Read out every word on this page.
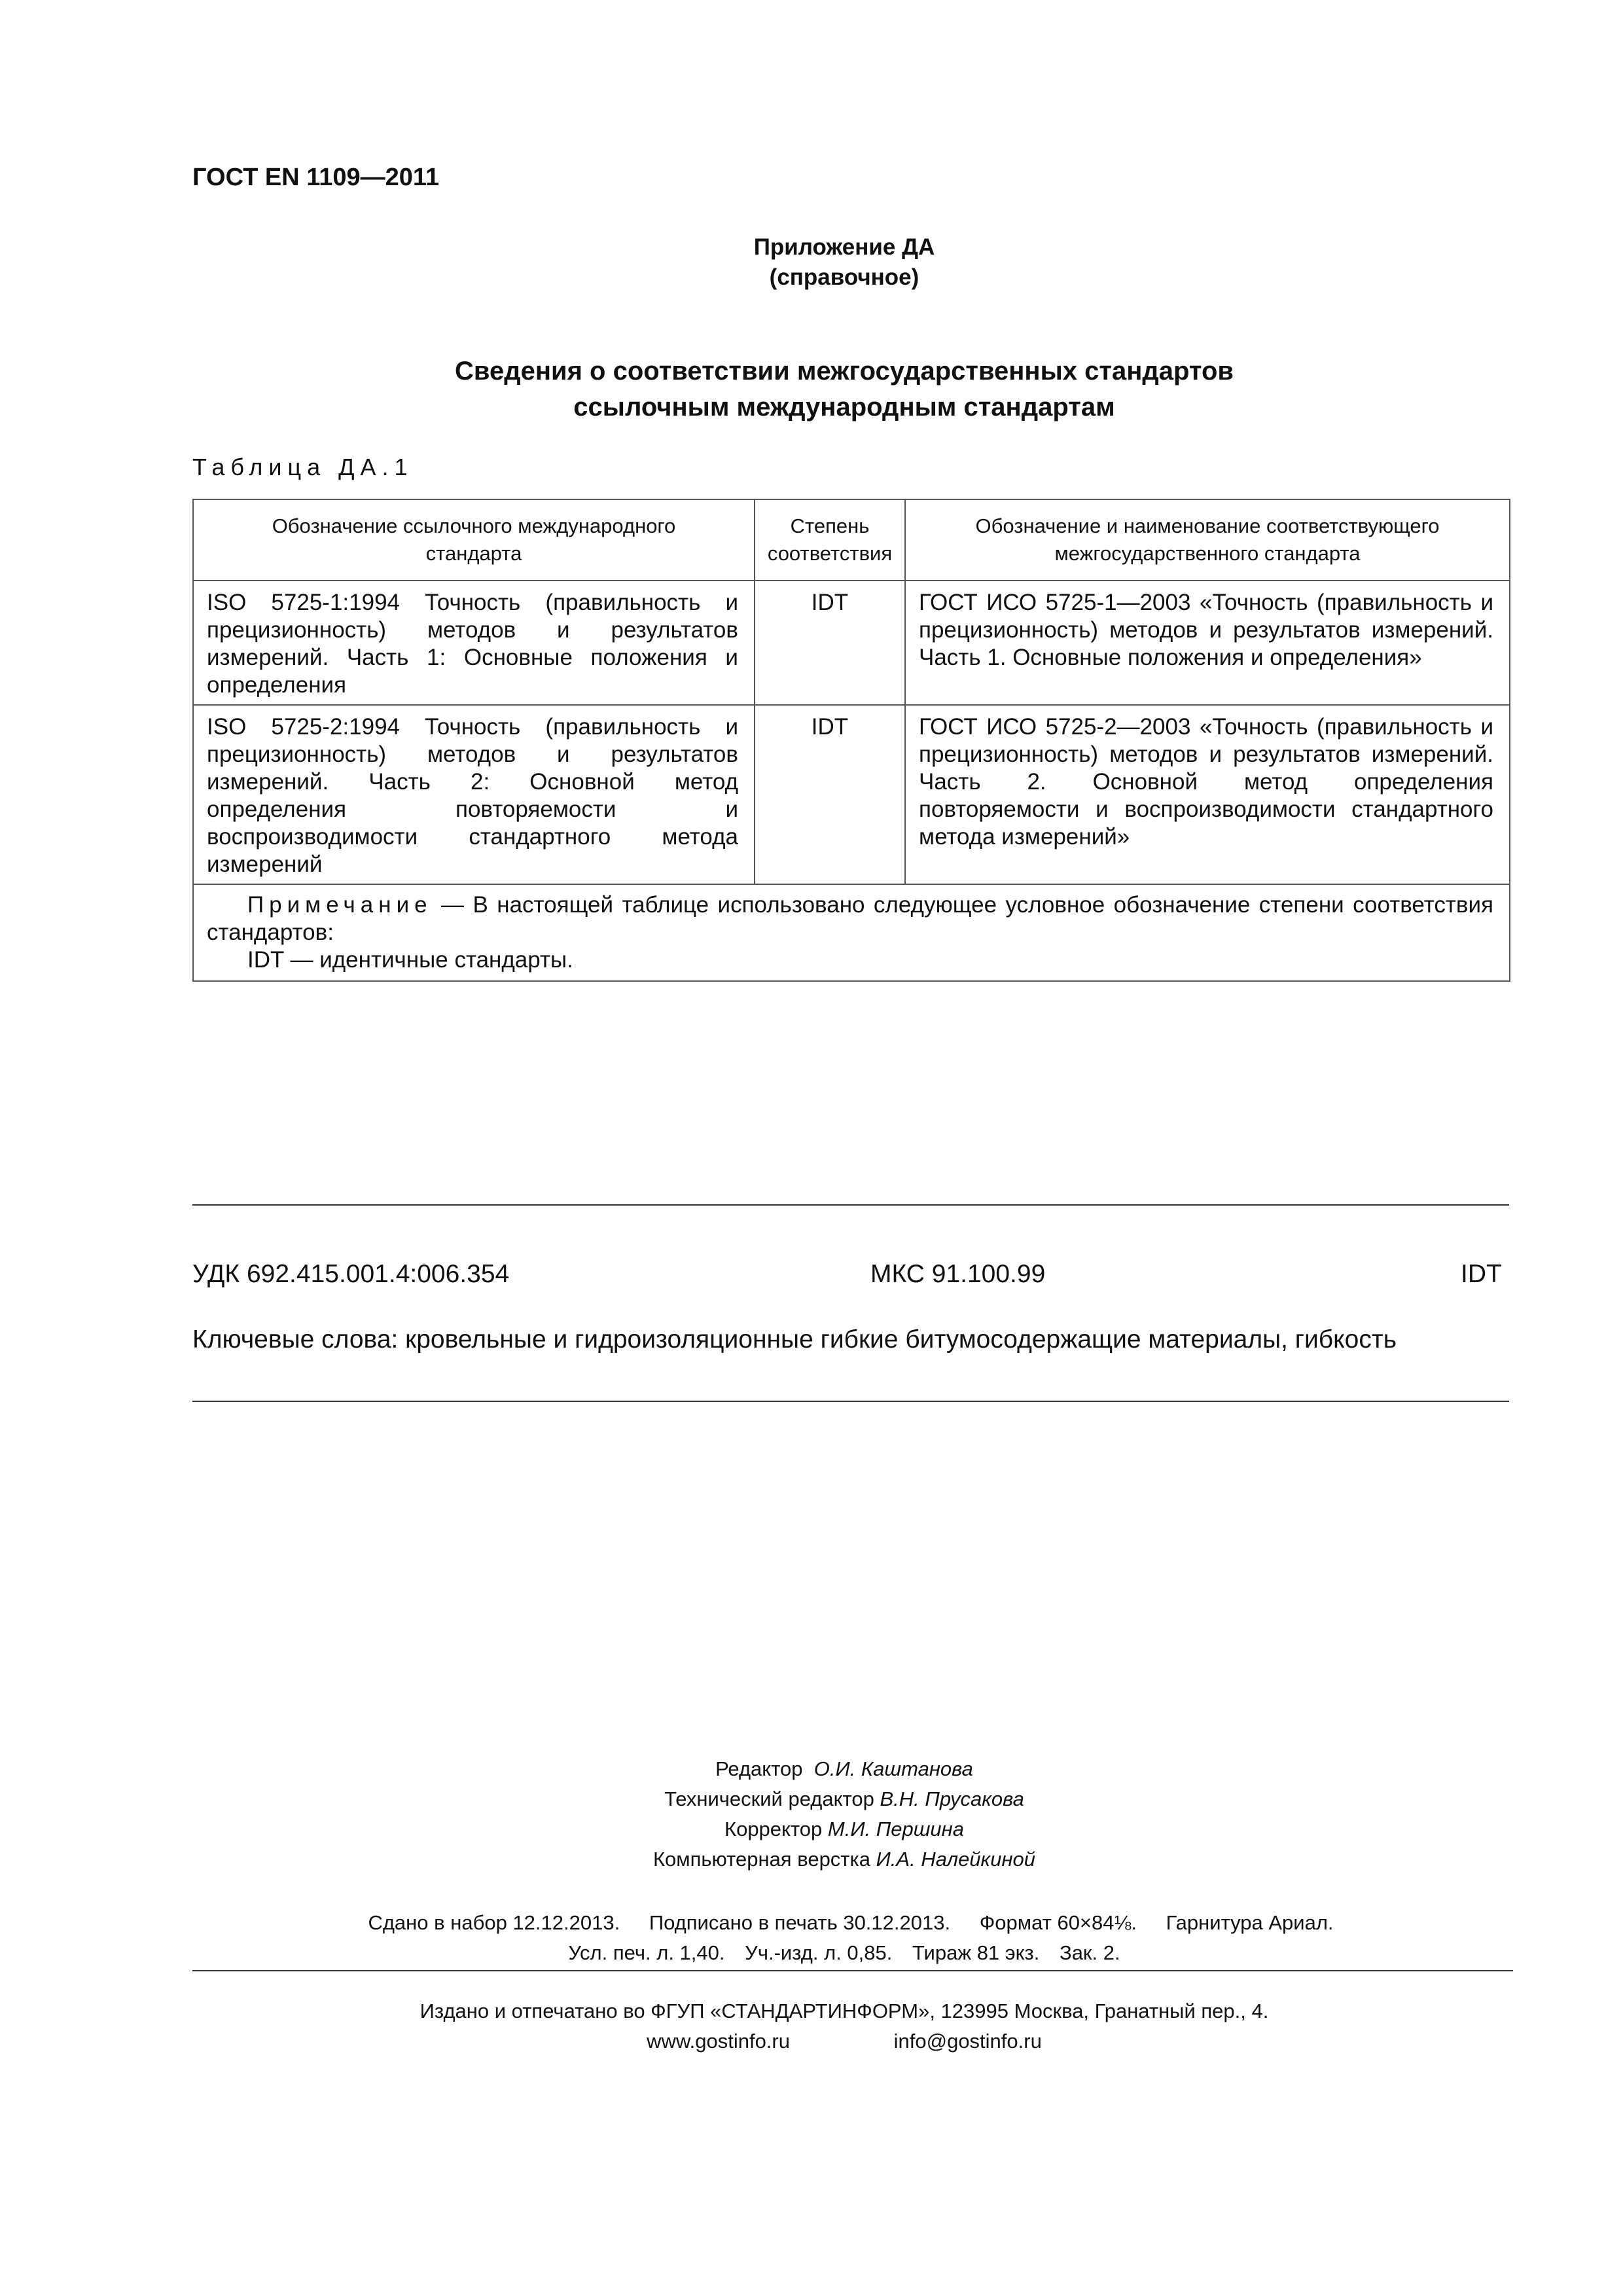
ГОСТ EN 1109—2011
Приложение ДА
(справочное)
Сведения о соответствии межгосударственных стандартов
ссылочным международным стандартам
Таблица ДА.1
Обозначение ссылочного международного стандарта	Степень соответствия	Обозначение и наименование соответствующего межгосударственного стандарта

ISO 5725-1:1994 Точность (правильность и прецизионность) методов и результатов измерений. Часть 1: Основные положения и определения	IDT	ГОСТ ИСО 5725-1—2003 «Точность (правильность и прецизионность) методов и результатов измерений. Часть 1. Основные положения и определения»

ISO 5725-2:1994 Точность (правильность и прецизионность) методов и результатов измерений. Часть 2: Основной метод определения повторяемости и воспроизводимости стандартного метода измерений	IDT	ГОСТ ИСО 5725-2—2003 «Точность (правильность и прецизионность) методов и результатов измерений. Часть 2. Основной метод определения повторяемости и воспроизводимости стандартного метода измерений»

Примечание — В настоящей таблице использовано следующее условное обозначение степени соответствия стандартов:
IDT — идентичные стандарты.		
УДК 692.415.001.4:006.354	МКС 91.100.99	IDT
Ключевые слова: кровельные и гидроизоляционные гибкие битумосодержащие материалы, гибкость
Редактор О.И. Каштанова
Технический редактор В.Н. Прусакова
Корректор М.И. Першина
Компьютерная верстка И.А. Налейкиной
Сдано в набор 12.12.2013. Подписано в печать 30.12.2013. Формат 60×84⅛. Гарнитура Ариал.
Усл. печ. л. 1,40. Уч.-изд. л. 0,85. Тираж 81 экз. Зак. 2.
Издано и отпечатано во ФГУП «СТАНДАРТИНФОРМ», 123995 Москва, Гранатный пер., 4.
www.gostinfo.ru	info@gostinfo.ru
